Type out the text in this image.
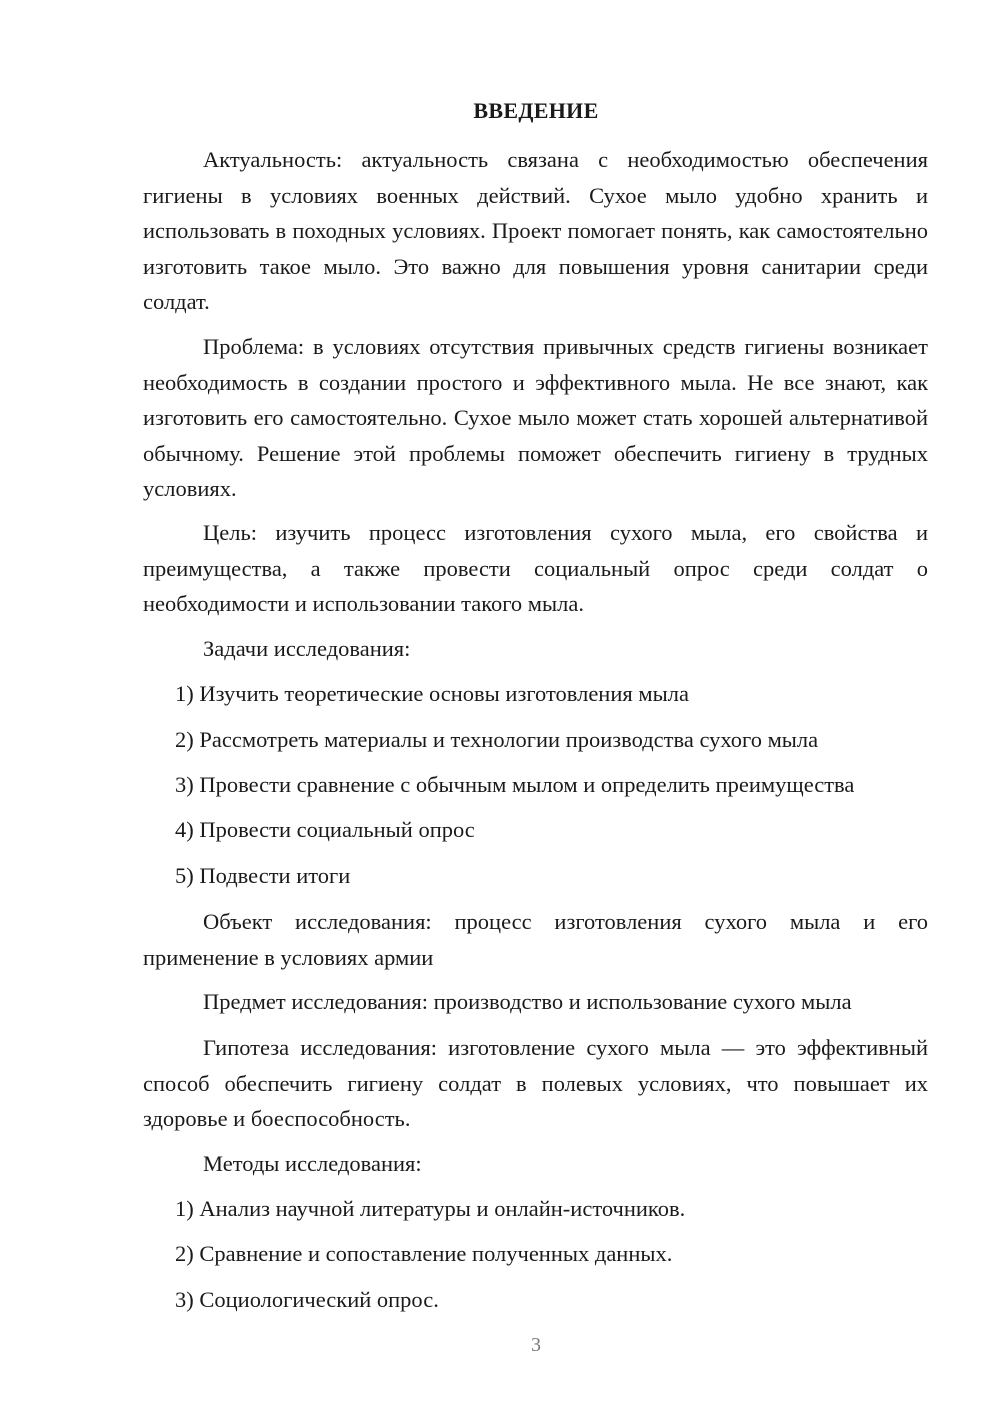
ВВЕДЕНИЕ

Актуальность: актуальность связана с необходимостью обеспечения гигиены в условиях военных действий. Сухое мыло удобно хранить и использовать в походных условиях. Проект помогает понять, как самостоятельно изготовить такое мыло. Это важно для повышения уровня санитарии среди солдат.

Проблема: в условиях отсутствия привычных средств гигиены возникает необходимость в создании простого и эффективного мыла. Не все знают, как изготовить его самостоятельно. Сухое мыло может стать хорошей альтернативой обычному. Решение этой проблемы поможет обеспечить гигиену в трудных условиях.

Цель: изучить процесс изготовления сухого мыла, его свойства и преимущества, а также провести социальный опрос среди солдат о необходимости и использовании такого мыла.

Задачи исследования:
1) Изучить теоретические основы изготовления мыла
2) Рассмотреть материалы и технологии производства сухого мыла
3) Провести сравнение с обычным мылом и определить преимущества
4) Провести социальный опрос
5) Подвести итоги

Объект исследования: процесс изготовления сухого мыла и его применение в условиях армии

Предмет исследования: производство и использование сухого мыла

Гипотеза исследования: изготовление сухого мыла — это эффективный способ обеспечить гигиену солдат в полевых условиях, что повышает их здоровье и боеспособность.

Методы исследования:
1) Анализ научной литературы и онлайн-источников.
2) Сравнение и сопоставление полученных данных.
3) Социологический опрос.
3
